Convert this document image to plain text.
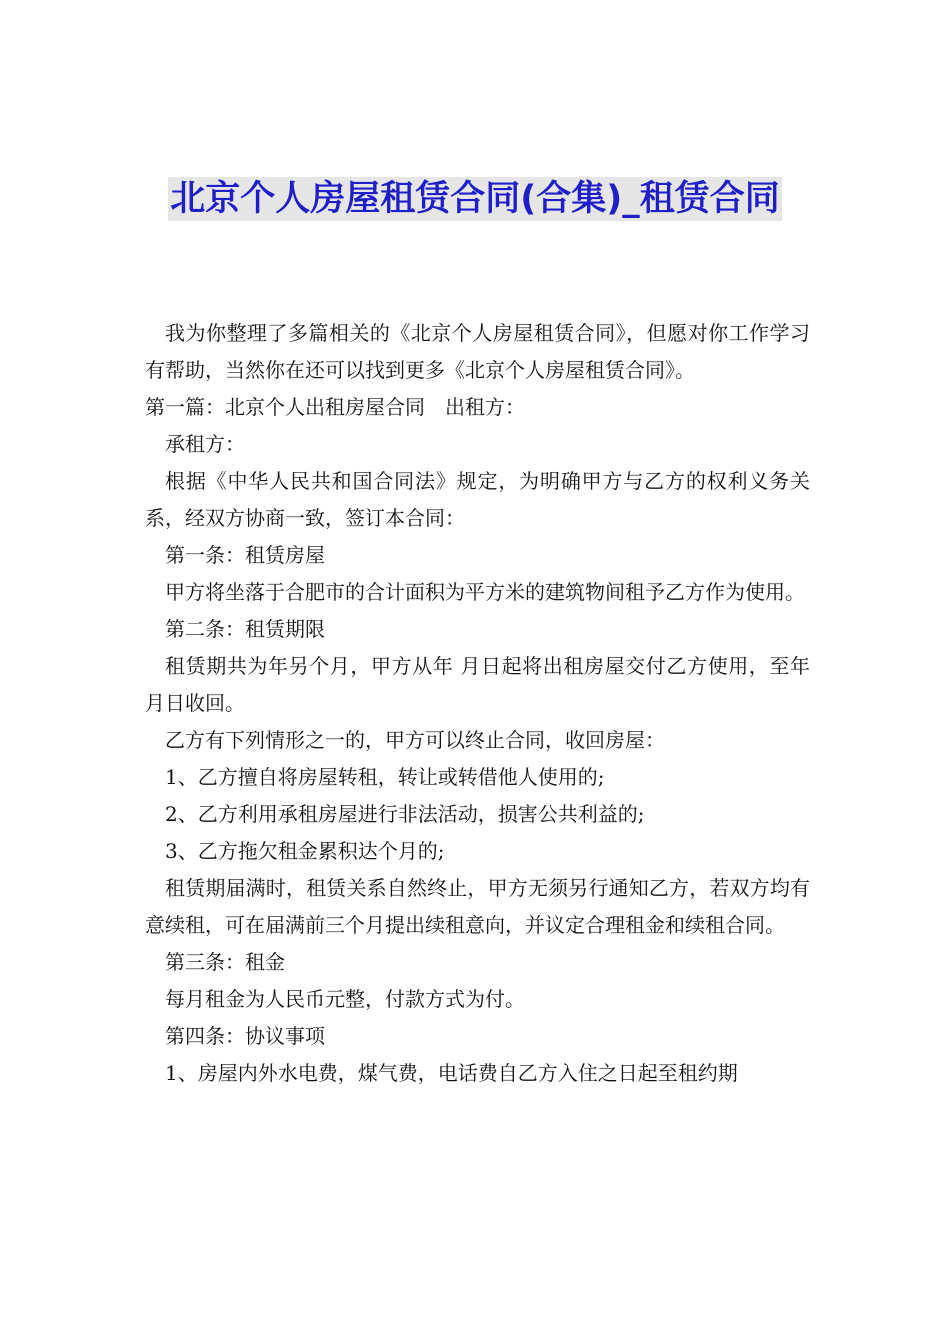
北京个人房屋租赁合同(合集)_租赁合同

我为你整理了多篇相关的《北京个人房屋租赁合同》，但愿对你工作学习有帮助，当然你在还可以找到更多《北京个人房屋租赁合同》。

第一篇：北京个人出租房屋合同　出租方：

承租方：

根据《中华人民共和国合同法》规定，为明确甲方与乙方的权利义务关系，经双方协商一致，签订本合同：

第一条：租赁房屋

甲方将坐落于合肥市的合计面积为平方米的建筑物间租予乙方作为使用。

第二条：租赁期限

租赁期共为年另个月，甲方从年 月日起将出租房屋交付乙方使用，至年 月日收回。

乙方有下列情形之一的，甲方可以终止合同，收回房屋：

1、乙方擅自将房屋转租，转让或转借他人使用的;

2、乙方利用承租房屋进行非法活动，损害公共利益的;

3、乙方拖欠租金累积达个月的;

租赁期届满时，租赁关系自然终止，甲方无须另行通知乙方，若双方均有意续租，可在届满前三个月提出续租意向，并议定合理租金和续租合同。

第三条：租金

每月租金为人民币元整，付款方式为付。

第四条：协议事项

1、房屋内外水电费，煤气费，电话费自乙方入住之日起至租约期
